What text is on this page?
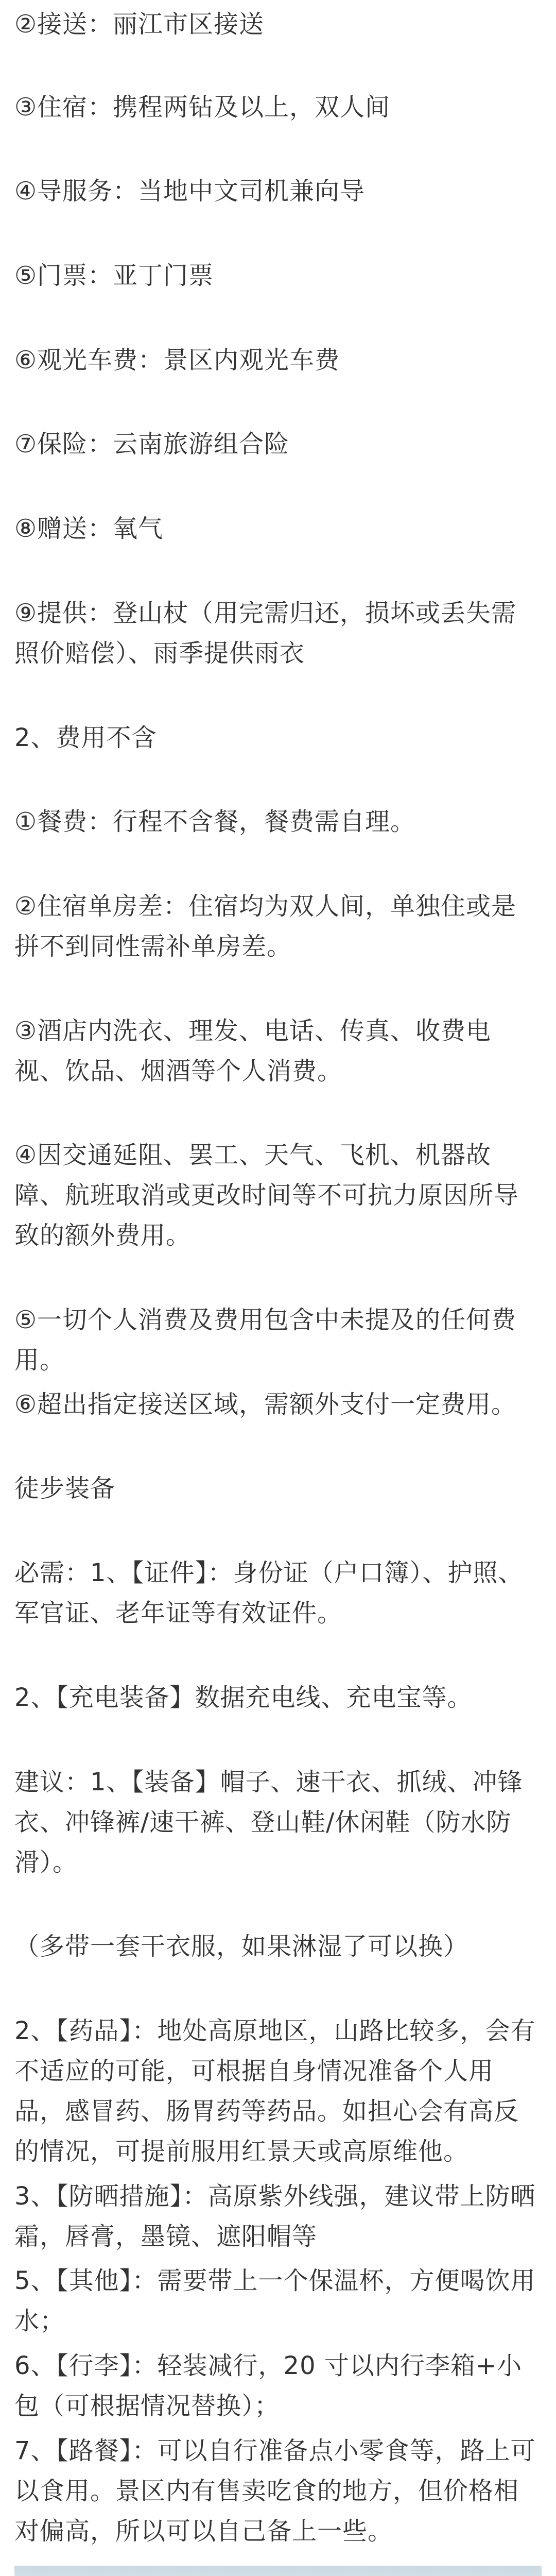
②接送：丽江市区接送

③住宿：携程两钻及以上，双人间

④导服务：当地中文司机兼向导

⑤门票：亚丁门票

⑥观光车费：景区内观光车费

⑦保险：云南旅游组合险

⑧赠送：氧气

⑨提供：登山杖（用完需归还，损坏或丢失需照价赔偿）、雨季提供雨衣

2、费用不含

①餐费：行程不含餐，餐费需自理。

②住宿单房差：住宿均为双人间，单独住或是拼不到同性需补单房差。

③酒店内洗衣、理发、电话、传真、收费电视、饮品、烟酒等个人消费。

④因交通延阻、罢工、天气、飞机、机器故障、航班取消或更改时间等不可抗力原因所导致的额外费用。

⑤一切个人消费及费用包含中未提及的任何费用。

⑥超出指定接送区域，需额外支付一定费用。

徒步装备

必需：1、【证件】：身份证（户口簿）、护照、军官证、老年证等有效证件。

2、【充电装备】数据充电线、充电宝等。

建议：1、【装备】帽子、速干衣、抓绒、冲锋衣、冲锋裤/速干裤、登山鞋/休闲鞋（防水防滑）。

（多带一套干衣服，如果淋湿了可以换）

2、【药品】：地处高原地区，山路比较多，会有不适应的可能，可根据自身情况准备个人用品，感冒药、肠胃药等药品。如担心会有高反的情况，可提前服用红景天或高原维他。

3、【防晒措施】：高原紫外线强，建议带上防晒霜，唇膏，墨镜、遮阳帽等

5、【其他】：需要带上一个保温杯，方便喝饮用水；

6、【行李】：轻装减行，20 寸以内行李箱+小包（可根据情况替换）；

7、【路餐】：可以自行准备点小零食等，路上可以食用。景区内有售卖吃食的地方，但价格相对偏高，所以可以自己备上一些。
